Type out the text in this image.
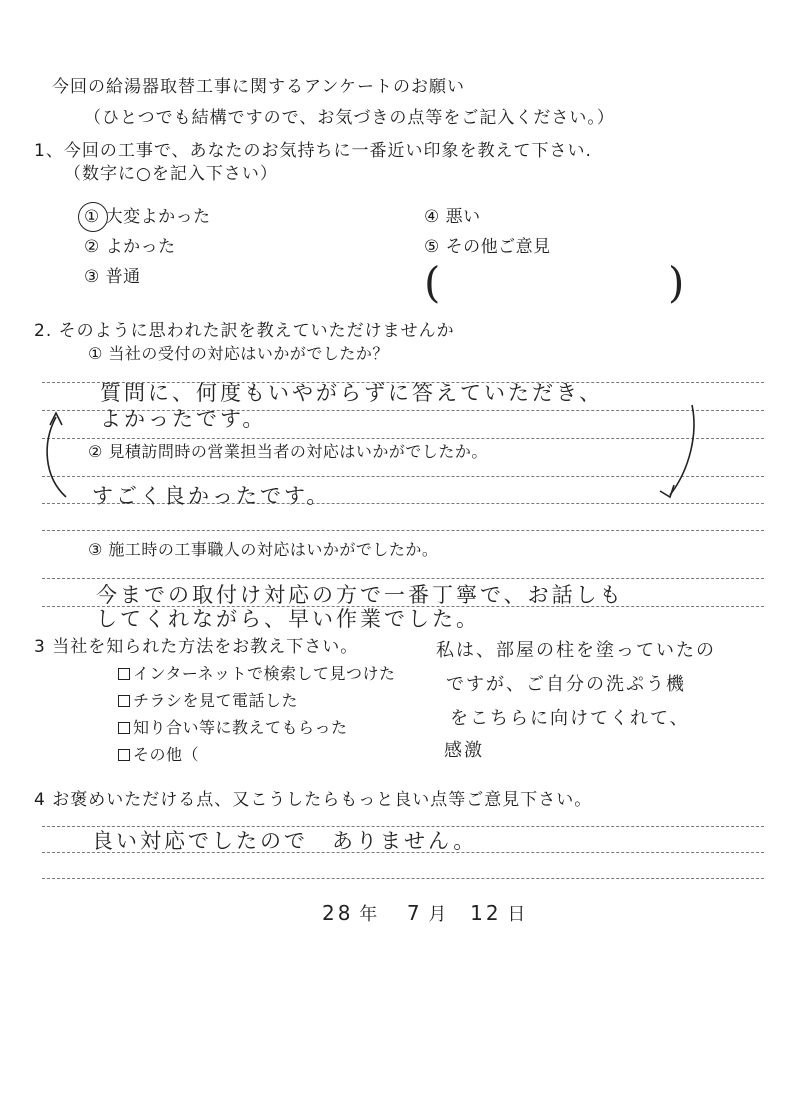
今回の給湯器取替工事に関するアンケートのお願い
（ひとつでも結構ですので、お気づきの点等をご記入ください。）
1、今回の工事で、あなたのお気持ちに一番近い印象を教えて下さい.
（数字に○を記入下さい）
① 大変よかった
② よかった
③ 普通
④ 悪い
⑤ その他ご意見
(	)
2. そのように思われた訳を教えていただけませんか
① 当社の受付の対応はいかがでしたか？
質問に、何度もいやがらずに答えていただき、
よかったです。
② 見積訪問時の営業担当者の対応はいかがでしたか。
すごく良かったです。
③ 施工時の工事職人の対応はいかがでしたか。
今までの取付け対応の方で一番丁寧で、お話しも
してくれながら、早い作業でした。
3 当社を知られた方法をお教え下さい。
インターネットで検索して見つけた
チラシを見て電話した
知り合い等に教えてもらった
その他（
私は、部屋の柱を塗っていたの
ですが、ご自分の洗ぷう機
をこちらに向けてくれて、
感激
4 お褒めいただける点、又こうしたらもっと良い点等ご意見下さい。
良い対応でしたので　ありません。
28 年 7 月 12 日
